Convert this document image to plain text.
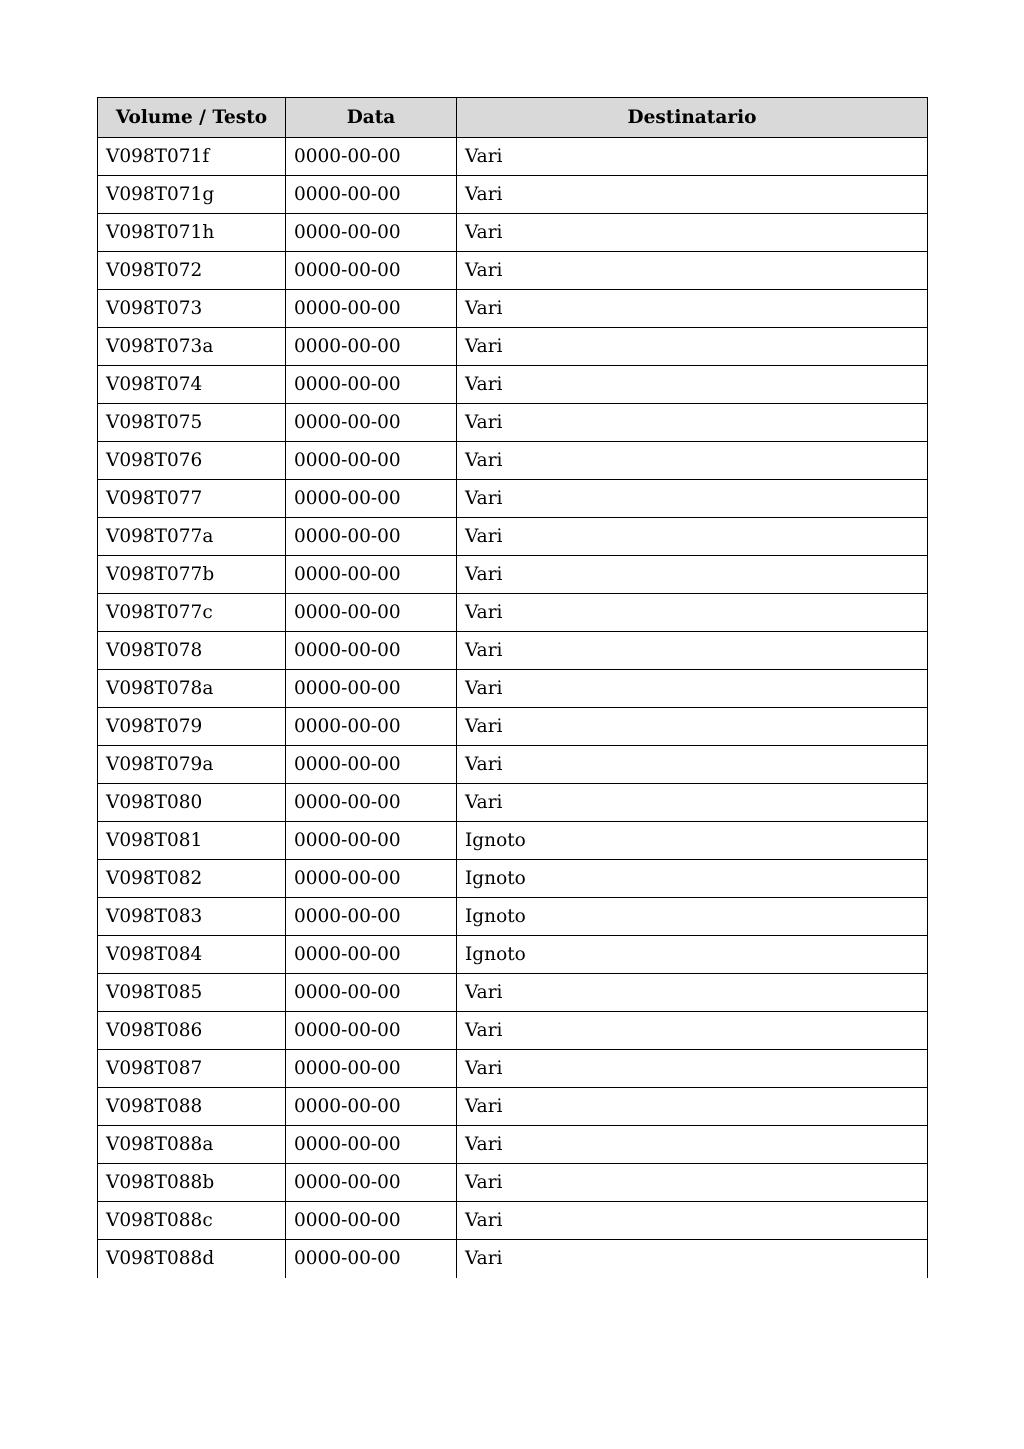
Volume / Testo	Data	Destinatario
V098T071f	0000-00-00	Vari
V098T071g	0000-00-00	Vari
V098T071h	0000-00-00	Vari
V098T072	0000-00-00	Vari
V098T073	0000-00-00	Vari
V098T073a	0000-00-00	Vari
V098T074	0000-00-00	Vari
V098T075	0000-00-00	Vari
V098T076	0000-00-00	Vari
V098T077	0000-00-00	Vari
V098T077a	0000-00-00	Vari
V098T077b	0000-00-00	Vari
V098T077c	0000-00-00	Vari
V098T078	0000-00-00	Vari
V098T078a	0000-00-00	Vari
V098T079	0000-00-00	Vari
V098T079a	0000-00-00	Vari
V098T080	0000-00-00	Vari
V098T081	0000-00-00	Ignoto
V098T082	0000-00-00	Ignoto
V098T083	0000-00-00	Ignoto
V098T084	0000-00-00	Ignoto
V098T085	0000-00-00	Vari
V098T086	0000-00-00	Vari
V098T087	0000-00-00	Vari
V098T088	0000-00-00	Vari
V098T088a	0000-00-00	Vari
V098T088b	0000-00-00	Vari
V098T088c	0000-00-00	Vari
V098T088d	0000-00-00	Vari
